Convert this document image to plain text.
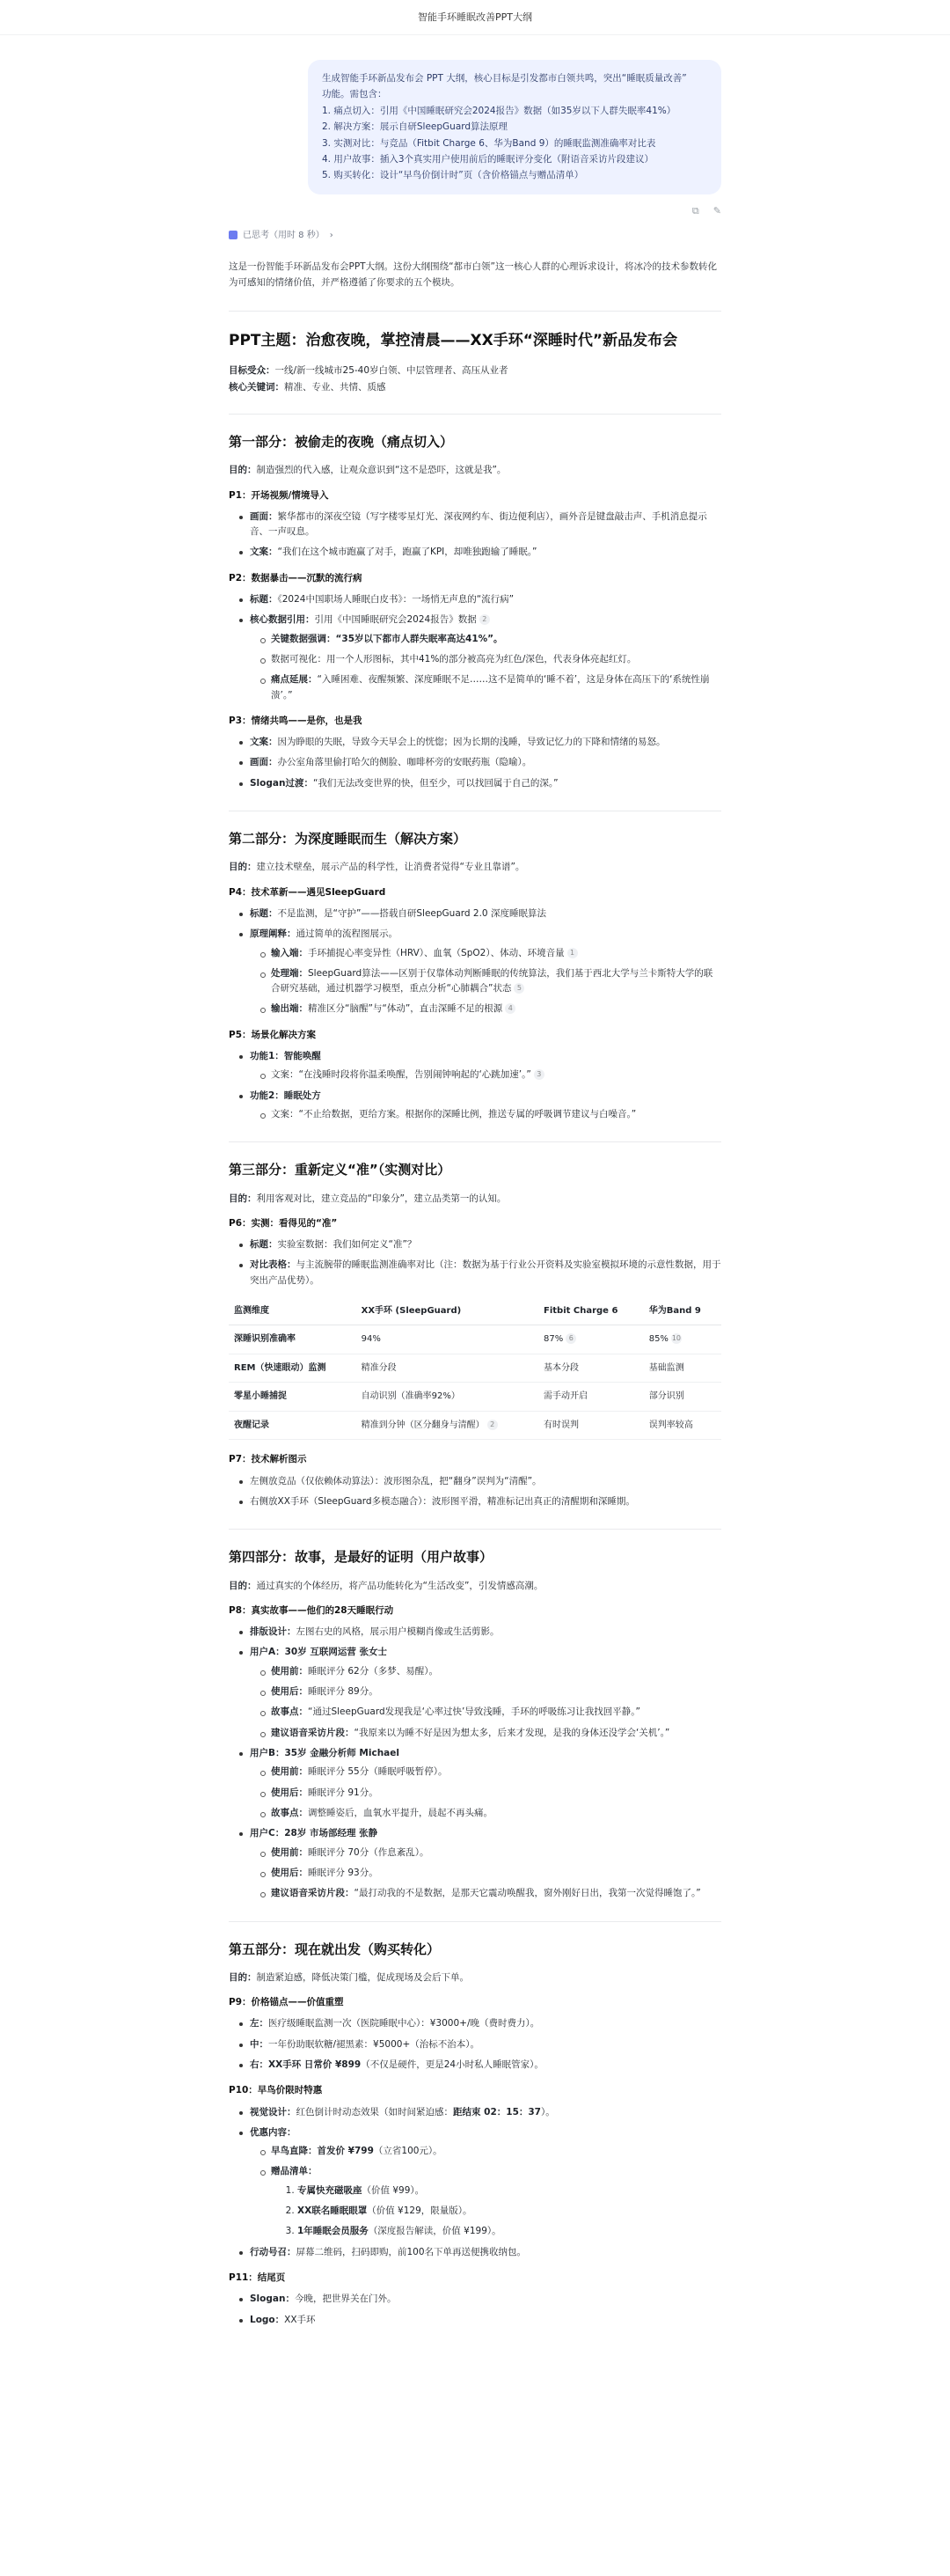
智能手环睡眠改善PPT大纲
生成智能手环新品发布会 PPT 大纲，核心目标是引发都市白领共鸣，突出“睡眠质量改善”
功能。需包含：
1. 痛点切入：引用《中国睡眠研究会2024报告》数据（如35岁以下人群失眠率41%）
2. 解决方案：展示自研SleepGuard算法原理
3. 实测对比：与竞品（Fitbit Charge 6、华为Band 9）的睡眠监测准确率对比表
4. 用户故事：插入3个真实用户使用前后的睡眠评分变化（附语音采访片段建议）
5. 购买转化：设计“早鸟价倒计时”页（含价格锚点与赠品清单）
⧉ ✎
已思考（用时 8 秒） ›

这是一份智能手环新品发布会PPT大纲。这份大纲围绕“都市白领”这一核心人群的心理诉求设计，将冰冷的技术参数转化为可感知的情绪价值，并严格遵循了你要求的五个模块。

PPT主题：治愈夜晚，掌控清晨——XX手环“深睡时代”新品发布会

目标受众：一线/新一线城市25-40岁白领、中层管理者、高压从业者

核心关键词：精准、专业、共情、质感

第一部分：被偷走的夜晚（痛点切入）

目的：制造强烈的代入感，让观众意识到“这不是恐吓，这就是我”。

P1：开场视频/情境导入

画面：繁华都市的深夜空镜（写字楼零星灯光、深夜网约车、街边便利店），画外音是键盘敲击声、手机消息提示音、一声叹息。
文案：“我们在这个城市跑赢了对手，跑赢了KPI，却唯独跑输了睡眠。”

P2：数据暴击——沉默的流行病

标题：《2024中国职场人睡眠白皮书》：一场悄无声息的“流行病”
核心数据引用：引用《中国睡眠研究会2024报告》数据 2
关键数据强调：“35岁以下都市人群失眠率高达41%”。
数据可视化：用一个人形图标，其中41%的部分被高亮为红色/深色，代表身体亮起红灯。
痛点延展：“入睡困难、夜醒频繁、深度睡眠不足……这不是简单的‘睡不着’，这是身体在高压下的‘系统性崩溃’。”

P3：情绪共鸣——是你，也是我

文案：因为睁眼的失眠，导致今天早会上的恍惚；因为长期的浅睡，导致记忆力的下降和情绪的易怒。
画面：办公室角落里偷打哈欠的侧脸、咖啡杯旁的安眠药瓶（隐喻）。
Slogan过渡：“我们无法改变世界的快，但至少，可以找回属于自己的深。”
第二部分：为深度睡眠而生（解决方案）

目的：建立技术壁垒，展示产品的科学性，让消费者觉得“专业且靠谱”。

P4：技术革新——遇见SleepGuard

标题：不是监测，是“守护”——搭载自研SleepGuard 2.0 深度睡眠算法
原理阐释：通过简单的流程图展示。
输入端：手环捕捉心率变异性（HRV）、血氧（SpO2）、体动、环境音量 1
处理端：SleepGuard算法——区别于仅靠体动判断睡眠的传统算法，我们基于西北大学与兰卡斯特大学的联合研究基础，通过机器学习模型，重点分析“心肺耦合”状态 5
输出端：精准区分“脑醒”与“体动”，直击深睡不足的根源 4

P5：场景化解决方案

功能1：智能唤醒
文案：“在浅睡时段将你温柔唤醒，告别闹钟响起的‘心跳加速’。” 3
功能2：睡眠处方
文案：“不止给数据，更给方案。根据你的深睡比例，推送专属的呼吸调节建议与白噪音。”
第三部分：重新定义“准”（实测对比）

目的：利用客观对比，建立竞品的“印象分”，建立品类第一的认知。

P6：实测：看得见的“准”

标题：实验室数据：我们如何定义“准”？
对比表格：与主流腕带的睡眠监测准确率对比（注：数据为基于行业公开资料及实验室模拟环境的示意性数据，用于突出产品优势）。
监测维度	XX手环 (SleepGuard)	Fitbit Charge 6	华为Band 9
深睡识别准确率	94%	87% 6	85% 10
REM（快速眼动）监测	精准分段	基本分段	基础监测
零星小睡捕捉	自动识别（准确率92%）	需手动开启	部分识别
夜醒记录	精准到分钟（区分翻身与清醒） 2	有时误判	误判率较高

P7：技术解析图示

左侧放竞品（仅依赖体动算法）：波形图杂乱，把“翻身”误判为“清醒”。
右侧放XX手环（SleepGuard多模态融合）：波形图平滑，精准标记出真正的清醒期和深睡期。
第四部分：故事，是最好的证明（用户故事）

目的：通过真实的个体经历，将产品功能转化为“生活改变”，引发情感高潮。

P8：真实故事——他们的28天睡眠行动

排版设计：左图右史的风格，展示用户模糊肖像或生活剪影。
用户A：30岁 互联网运营 张女士
使用前：睡眠评分 62分（多梦、易醒）。
使用后：睡眠评分 89分。
故事点：“通过SleepGuard发现我是‘心率过快’导致浅睡，手环的呼吸练习让我找回平静。”
建议语音采访片段：“我原来以为睡不好是因为想太多，后来才发现，是我的身体还没学会‘关机’。”
用户B：35岁 金融分析师 Michael
使用前：睡眠评分 55分（睡眠呼吸暂停）。
使用后：睡眠评分 91分。
故事点：调整睡姿后，血氧水平提升，晨起不再头痛。
用户C：28岁 市场部经理 张静
使用前：睡眠评分 70分（作息紊乱）。
使用后：睡眠评分 93分。
建议语音采访片段：“最打动我的不是数据，是那天它震动唤醒我，窗外刚好日出，我第一次觉得睡饱了。”
第五部分：现在就出发（购买转化）

目的：制造紧迫感，降低决策门槛，促成现场及会后下单。

P9：价格锚点——价值重塑

左：医疗级睡眠监测一次（医院睡眠中心）：¥3000+/晚（费时费力）。
中：一年份助眠软糖/褪黑素：¥5000+（治标不治本）。
右：XX手环 日常价 ¥899（不仅是硬件，更是24小时私人睡眠管家）。

P10：早鸟价限时特惠

视觉设计：红色倒计时动态效果（如时间紧迫感：距结束 02：15：37）。
优惠内容：
早鸟直降：首发价 ¥799（立省100元）。
赠品清单：
1. 专属快充磁吸座（价值 ¥99）。
2. XX联名睡眠眼罩（价值 ¥129，限量版）。
3. 1年睡眠会员服务（深度报告解读，价值 ¥199）。
行动号召：屏幕二维码，扫码即购，前100名下单再送便携收纳包。

P11：结尾页

Slogan：今晚，把世界关在门外。
Logo：XX手环
